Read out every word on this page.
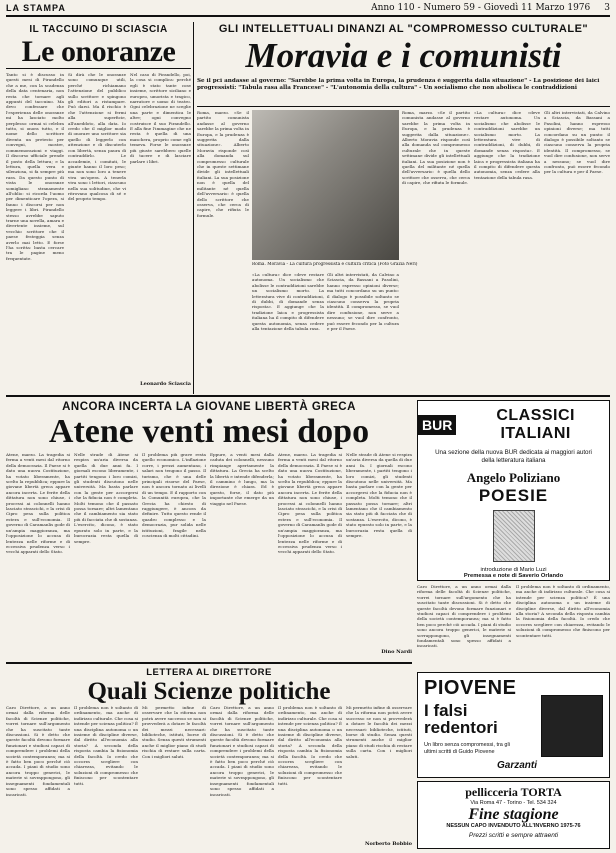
LA STAMPA	Anno 110 - Numero 59 - Giovedì 11 Marzo 1976 3
IL TACCUINO DI SCIASCIA
Le onoranze
Tanto si è discusso in questi mesi di Pirandello che a me, con la scadenza della data centenaria, non resta che tornare agli appunti del taccuino. Ma devo confessare che l'esperienza delle onoranze mi ha lasciato molto perplesso: ormai si celebra tutto, si onora tutto, e il nome dello scrittore diventa un pretesto per convegni, mostre, commemorazioni e viaggi. Il discorso ufficiale prende il posto della lettura; e la lettura, quella vera e silenziosa, si fa sempre più rara. Da questo punto di vista le onoranze somigliano stranamente all'oblio: si ricorda l'uomo per dimenticare l'opera, si fanno i discorsi per non leggere i libri. Pirandello stesso avrebbe saputo trarne una novella, amara e divertente insieme, sul vecchio scrittore che il paese festeggia senza averlo mai letto. E forse l'ha scritta: basta cercare tra le pagine meno frequentate.
Si dirà che le onoranze sono comunque utili, perché richiamano l'attenzione del pubblico sullo scrittore e spingono gli editori a ristampare. Può darsi. Ma il rischio è che l'attenzione si fermi alla superficie, all'aneddoto, alla data. Io credo che il miglior modo di onorare uno scrittore sia quello di leggerlo con attenzione e di discuterlo con libertà, senza paura di contraddirlo. Le accademie, i comitati, le giunte hanno il loro peso; ma non sono loro a tenere viva un'opera. A tenerla viva sono i lettori, ciascuno nella sua solitudine, che vi ritrovano qualcosa di sé e del proprio tempo.
Nel caso di Pirandello, poi, la cosa si complica: perché egli è stato tante cose insieme, scrittore siciliano e europeo, umorista e tragico, narratore e uomo di teatro. Ogni celebrazione ne sceglie una parte e dimentica le altre; ogni convegno costruisce il suo Pirandello. E alla fine l'immagine che ne resta è quella di una maschera, proprio come egli temeva. Forse le onoranze più giuste sarebbero quelle di tacere e di lasciare parlare i libri.
Leonardo Sciascia
GLI INTELLETTUALI DINANZI AL "COMPROMESSO CULTURALE"
Moravia e i comunisti
Se il pci andasse al governo: "Sarebbe la prima volta in Europa, la prudenza è suggerita dalla situazione" - La posizione dei laici progressisti: "Tabula rasa alla Francese" - "L'autonomia della cultura" - Un socialismo che non abolisca le contraddizioni
Roma. Moravia - La cultura progressista e cultura critica (Foto Grazia Neri)
Roma, marzo. «Se il partito comunista andasse al governo sarebbe la prima volta in Europa, e la prudenza è suggerita dalla situazione». Alberto Moravia risponde così alla domanda sul compromesso culturale che in queste settimane divide gli intellettuali italiani. La sua posizione non è quella del militante né quella dell'avversario: è quella dello scrittore che osserva, che cerca di capire, che rifiuta le formule.
«La cultura» dice «deve restare autonoma. Un socialismo che abolisse le contraddizioni sarebbe un socialismo morto. La letteratura vive di contraddizioni, di dubbi, di domande senza risposta». E aggiunge che la tradizione laica e progressista italiana ha il compito di difendere questa autonomia, senza cedere alla tentazione della tabula rasa.
Gli altri intervistati, da Calvino a Sciascia, da Bassani a Pasolini, hanno espresso opinioni diverse; ma tutti concordano su un punto: il dialogo è possibile soltanto se ciascuno conserva la propria identità. Il compromesso, se vuol dire confusione, non serve a nessuno; se vuol dire confronto, può essere fecondo per la cultura e per il Paese.
Roma, marzo. «Se il partito comunista andasse al governo sarebbe la prima volta in Europa, e la prudenza è suggerita dalla situazione». Alberto Moravia risponde così alla domanda sul compromesso culturale che in queste settimane divide gli intellettuali italiani. La sua posizione non è quella del militante né quella dell'avversario: è quella dello scrittore che osserva, che cerca di capire, che rifiuta le formule.
«La cultura» dice «deve restare autonoma. Un socialismo che abolisse le contraddizioni sarebbe un socialismo morto. La letteratura vive di contraddizioni, di dubbi, di domande senza risposta». E aggiunge che la tradizione laica e progressista italiana ha il compito di difendere questa autonomia, senza cedere alla tentazione della tabula rasa.
Gli altri intervistati, da Calvino a Sciascia, da Bassani a Pasolini, hanno espresso opinioni diverse; ma tutti concordano su un punto: il dialogo è possibile soltanto se ciascuno conserva la propria identità. Il compromesso, se vuol dire confusione, non serve a nessuno; se vuol dire confronto, può essere fecondo per la cultura e per il Paese.
ANCORA INCERTA LA GIOVANE LIBERTÀ GRECA
Atene venti mesi dopo
Atene, marzo. La tragedia si ferma a venti mesi dal ritorno della democrazia. Il Paese si è dato una nuova Costituzione, ha votato liberamente, ha scelto la repubblica; eppure la giovane libertà greca appare ancora incerta. Le ferite della dittatura non sono chiuse, i processi ai colonnelli hanno lasciato strascichi, e la crisi di Cipro pesa sulla politica estera e sull'economia. Il governo di Caramanlis gode di un'ampia maggioranza, ma l'opposizione lo accusa di lentezza nelle riforme e di eccessiva prudenza verso i vecchi apparati dello Stato.
Nelle strade di Atene si respira un'aria diversa da quella di due anni fa. I giornali escono liberamente, i partiti tengono i loro comizi, gli studenti discutono nelle università. Ma basta parlare con la gente per accorgersi che la fiducia non è completa. Molti temono che il passato possa tornare; altri lamentano che il cambiamento sia stato più di facciata che di sostanza. L'esercito, dicono, è stato epurato solo in parte, e la burocrazia resta quella di sempre.
Il problema più grave resta quello economico. L'inflazione corre, i prezzi aumentano, i salari non tengono il passo. Il turismo, che è una delle principali risorse del Paese, non è ancora tornato ai livelli di un tempo. E il rapporto con la Comunità europea, che la Grecia ha chiesto di raggiungere, è ancora da definire. Tutto questo rende il quadro complesso e la democrazia, pur solida nelle istituzioni, fragile nella coscienza di molti cittadini.
Eppure, a venti mesi dalla caduta dei colonnelli, nessuno rimpiange apertamente la dittatura. La Grecia ha scelto la libertà e intende difenderla; il cammino è lungo, ma la direzione è chiara. Ed è questo, forse, il dato più importante che emerge da un viaggio nel Paese.
Atene, marzo. La tragedia si ferma a venti mesi dal ritorno della democrazia. Il Paese si è dato una nuova Costituzione, ha votato liberamente, ha scelto la repubblica; eppure la giovane libertà greca appare ancora incerta. Le ferite della dittatura non sono chiuse, i processi ai colonnelli hanno lasciato strascichi, e la crisi di Cipro pesa sulla politica estera e sull'economia. Il governo di Caramanlis gode di un'ampia maggioranza, ma l'opposizione lo accusa di lentezza nelle riforme e di eccessiva prudenza verso i vecchi apparati dello Stato.
Nelle strade di Atene si respira un'aria diversa da quella di due anni fa. I giornali escono liberamente, i partiti tengono i loro comizi, gli studenti discutono nelle università. Ma basta parlare con la gente per accorgersi che la fiducia non è completa. Molti temono che il passato possa tornare; altri lamentano che il cambiamento sia stato più di facciata che di sostanza. L'esercito, dicono, è stato epurato solo in parte, e la burocrazia resta quella di sempre.
Dino Nardi
BUR
CLASSICI ITALIANI
Una sezione della nuova BUR dedicata ai maggiori autori della letteratura italiana
Angelo Poliziano
POESIE
introduzione di Mario Luzi
Premessa e note di Saverio Orlando
Caro Direttore, a un anno ormai dalla riforma delle facoltà di Scienze politiche, vorrei tornare sull'argomento che ha suscitato tante discussioni. Si è detto che queste facoltà devono formare funzionari e studiosi capaci di comprendere i problemi della società contemporanea; ma si è fatto ben poco perché ciò accada. I piani di studio sono ancora troppo generici, le materie si sovrappongono, gli insegnamenti fondamentali sono spesso affidati a incaricati.
Il problema non è soltanto di ordinamento, ma anche di indirizzo culturale. Che cosa si intende per scienza politica? È una disciplina autonoma o un insieme di discipline diverse, dal diritto all'economia alla storia? A seconda della risposta cambia la fisionomia della facoltà. Io credo che occorra scegliere con chiarezza, evitando le soluzioni di compromesso che finiscono per scontentare tutti.
LETTERA AL DIRETTORE
Quali Scienze politiche
Caro Direttore, a un anno ormai dalla riforma delle facoltà di Scienze politiche, vorrei tornare sull'argomento che ha suscitato tante discussioni. Si è detto che queste facoltà devono formare funzionari e studiosi capaci di comprendere i problemi della società contemporanea; ma si è fatto ben poco perché ciò accada. I piani di studio sono ancora troppo generici, le materie si sovrappongono, gli insegnamenti fondamentali sono spesso affidati a incaricati.
Il problema non è soltanto di ordinamento, ma anche di indirizzo culturale. Che cosa si intende per scienza politica? È una disciplina autonoma o un insieme di discipline diverse, dal diritto all'economia alla storia? A seconda della risposta cambia la fisionomia della facoltà. Io credo che occorra scegliere con chiarezza, evitando le soluzioni di compromesso che finiscono per scontentare tutti.
Mi permetto infine di osservare che la riforma non potrà avere successo se non si provvederà a dotare le facoltà dei mezzi necessari: biblioteche, istituti, borse di studio. Senza questi strumenti anche il miglior piano di studi rischia di restare sulla carta. Con i migliori saluti.
Caro Direttore, a un anno ormai dalla riforma delle facoltà di Scienze politiche, vorrei tornare sull'argomento che ha suscitato tante discussioni. Si è detto che queste facoltà devono formare funzionari e studiosi capaci di comprendere i problemi della società contemporanea; ma si è fatto ben poco perché ciò accada. I piani di studio sono ancora troppo generici, le materie si sovrappongono, gli insegnamenti fondamentali sono spesso affidati a incaricati.
Il problema non è soltanto di ordinamento, ma anche di indirizzo culturale. Che cosa si intende per scienza politica? È una disciplina autonoma o un insieme di discipline diverse, dal diritto all'economia alla storia? A seconda della risposta cambia la fisionomia della facoltà. Io credo che occorra scegliere con chiarezza, evitando le soluzioni di compromesso che finiscono per scontentare tutti.
Mi permetto infine di osservare che la riforma non potrà avere successo se non si provvederà a dotare le facoltà dei mezzi necessari: biblioteche, istituti, borse di studio. Senza questi strumenti anche il miglior piano di studi rischia di restare sulla carta. Con i migliori saluti.
Norberto Bobbio
PIOVENE
I falsi redentori
Un libro senza compromessi, tra gli ultimi scritti di Guido Piovene
Garzanti
pellicceria TORTA
Via Roma 47 - Torino - Tel. 534 324
Fine stagione
NESSUN CAPO INVENDUTO ALL'INVERNO 1975-76
Prezzi scritti e sempre attraenti
